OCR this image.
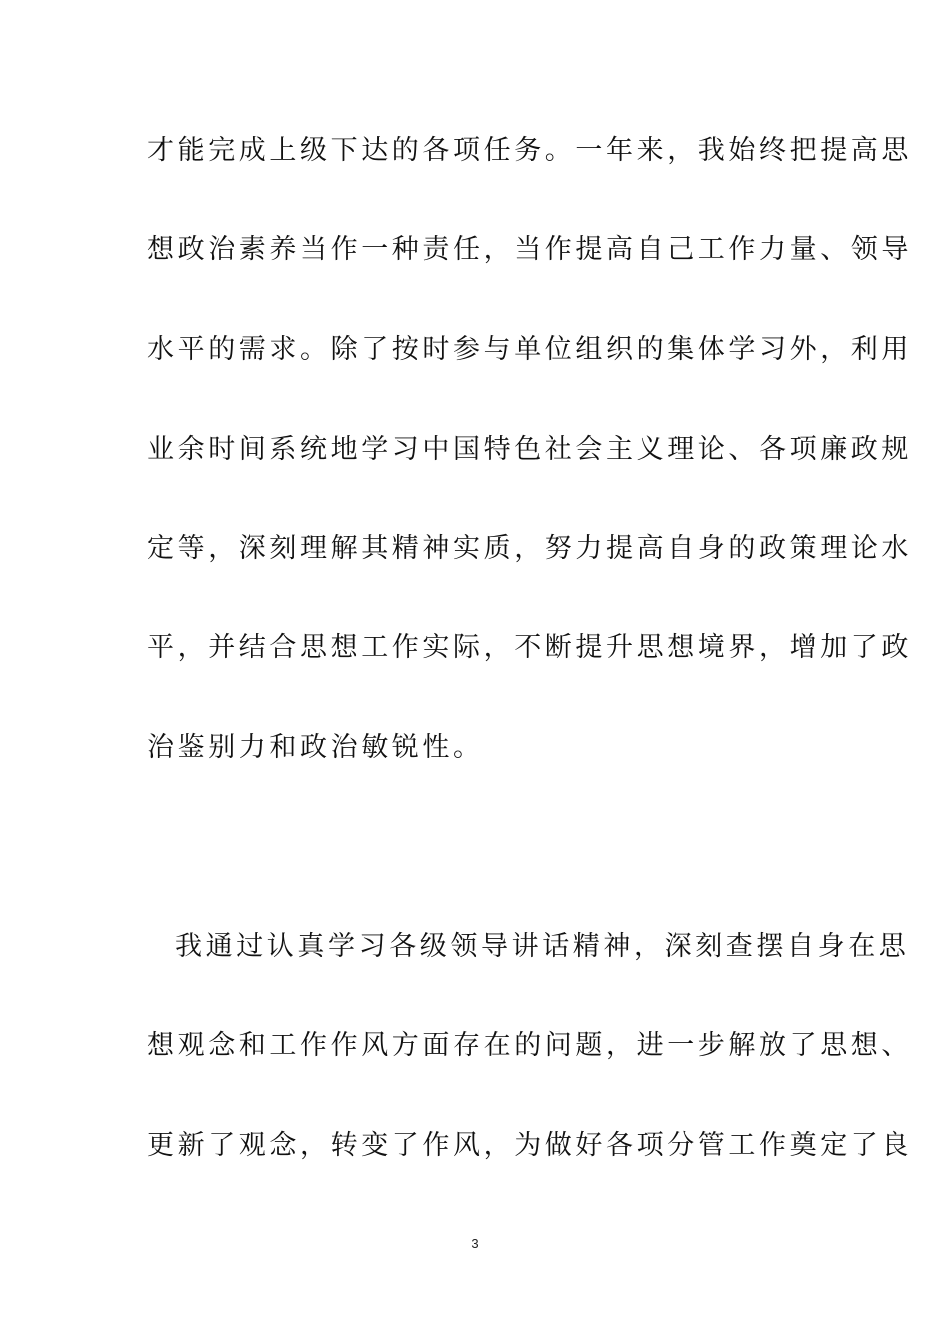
才能完成上级下达的各项任务。一年来，我始终把提高思
想政治素养当作一种责任，当作提高自己工作力量、领导
水平的需求。除了按时参与单位组织的集体学习外，利用
业余时间系统地学习中国特色社会主义理论、各项廉政规
定等，深刻理解其精神实质，努力提高自身的政策理论水
平，并结合思想工作实际，不断提升思想境界，增加了政
治鉴别力和政治敏锐性。
我通过认真学习各级领导讲话精神，深刻查摆自身在思
想观念和工作作风方面存在的问题，进一步解放了思想、
更新了观念，转变了作风，为做好各项分管工作奠定了良
3
